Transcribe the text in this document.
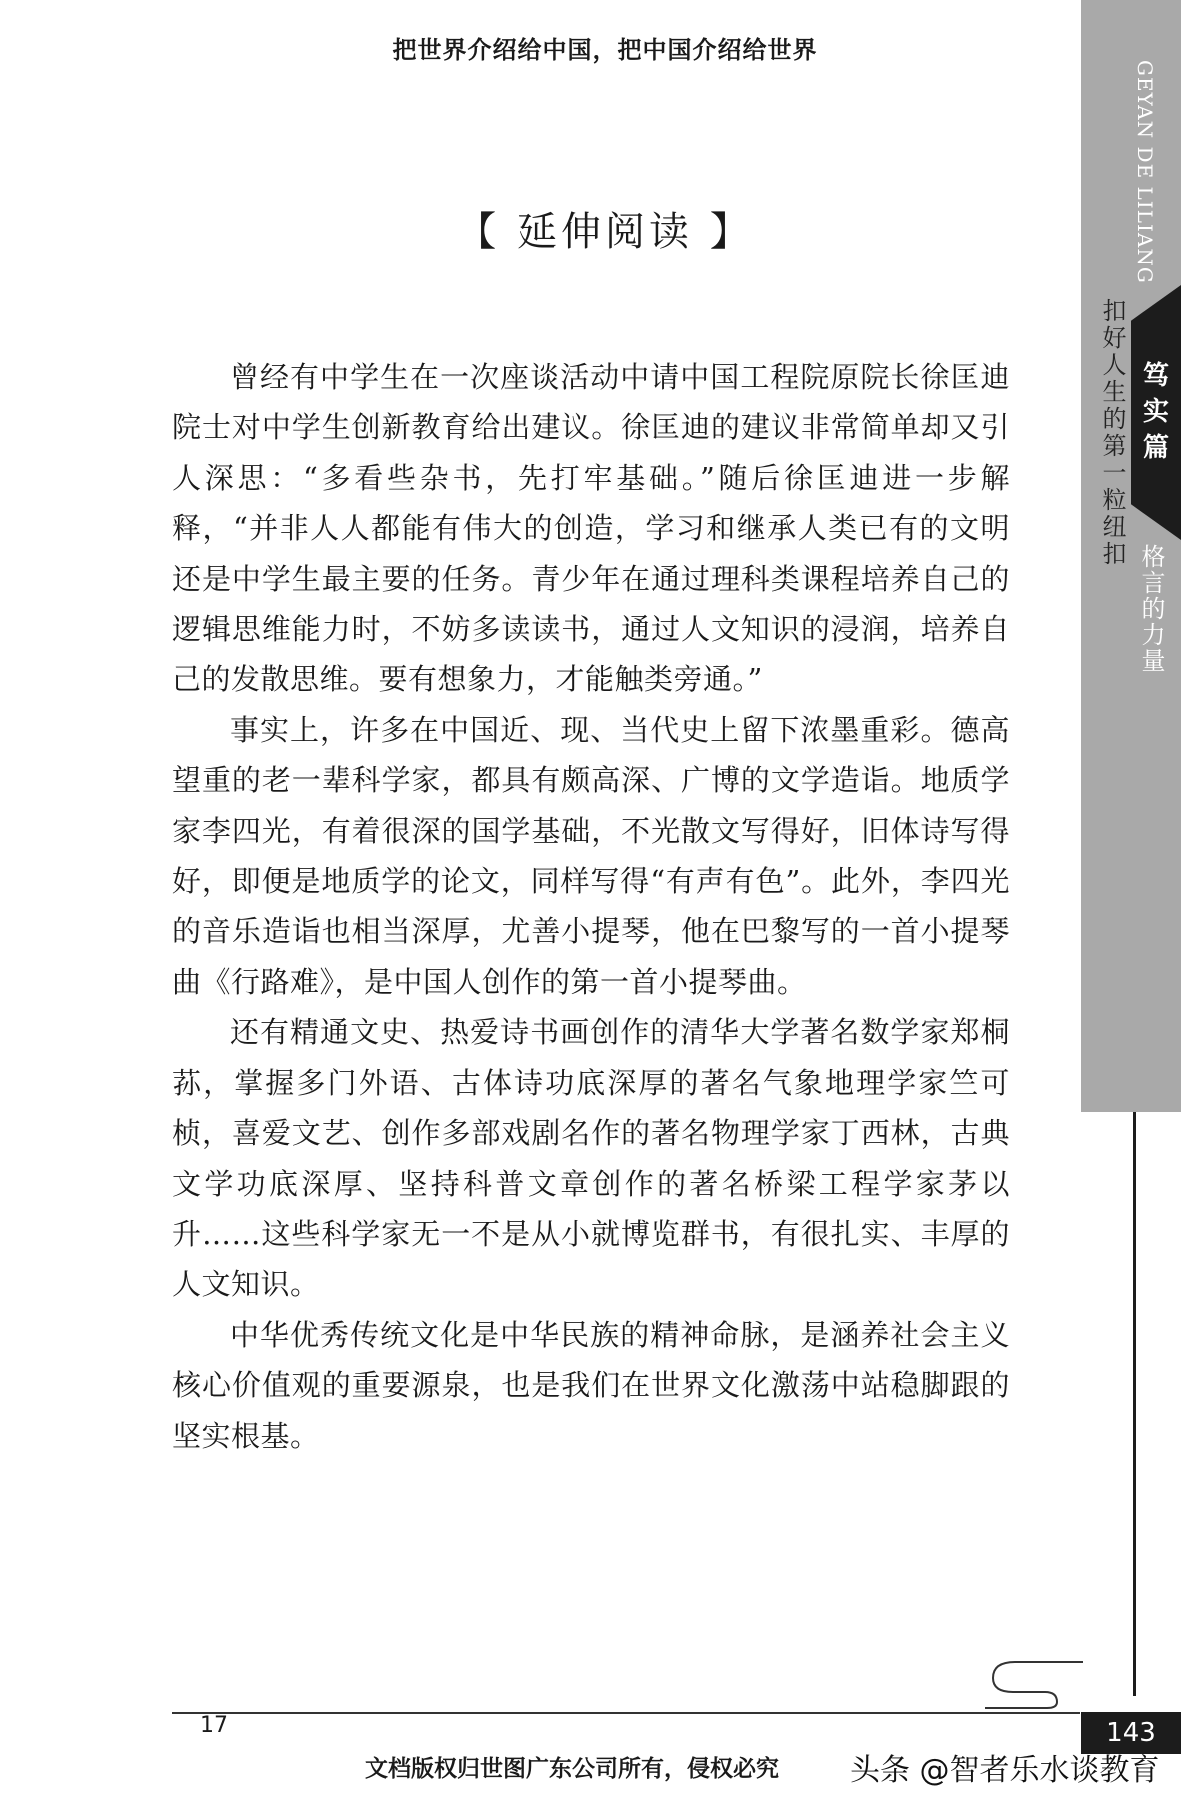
把世界介绍给中国，把中国介绍给世界
【 延伸阅读 】

曾经有中学生在一次座谈活动中请中国工程院原院长徐匡迪院士对中学生创新教育给出建议。徐匡迪的建议非常简单却又引人深思：“多看些杂书，先打牢基础。”随后徐匡迪进一步解释，“并非人人都能有伟大的创造，学习和继承人类已有的文明还是中学生最主要的任务。青少年在通过理科类课程培养自己的逻辑思维能力时，不妨多读读书，通过人文知识的浸润，培养自己的发散思维。要有想象力，才能触类旁通。”

事实上，许多在中国近、现、当代史上留下浓墨重彩。德高望重的老一辈科学家，都具有颇高深、广博的文学造诣。地质学家李四光，有着很深的国学基础，不光散文写得好，旧体诗写得好，即便是地质学的论文，同样写得“有声有色”。此外，李四光的音乐造诣也相当深厚，尤善小提琴，他在巴黎写的一首小提琴曲《行路难》，是中国人创作的第一首小提琴曲。

还有精通文史、热爱诗书画创作的清华大学著名数学家郑桐荪，掌握多门外语、古体诗功底深厚的著名气象地理学家竺可桢，喜爱文艺、创作多部戏剧名作的著名物理学家丁西林，古典文学功底深厚、坚持科普文章创作的著名桥梁工程学家茅以升……这些科学家无一不是从小就博览群书，有很扎实、丰厚的人文知识。

中华优秀传统文化是中华民族的精神命脉，是涵养社会主义核心价值观的重要源泉，也是我们在世界文化激荡中站稳脚跟的坚实根基。

GEYAN DE LILIANG
扣好人生的第一粒纽扣 笃实篇
格言的力量
17	143
文档版权归世图广东公司所有，侵权必究 头条 @智者乐水谈教育
